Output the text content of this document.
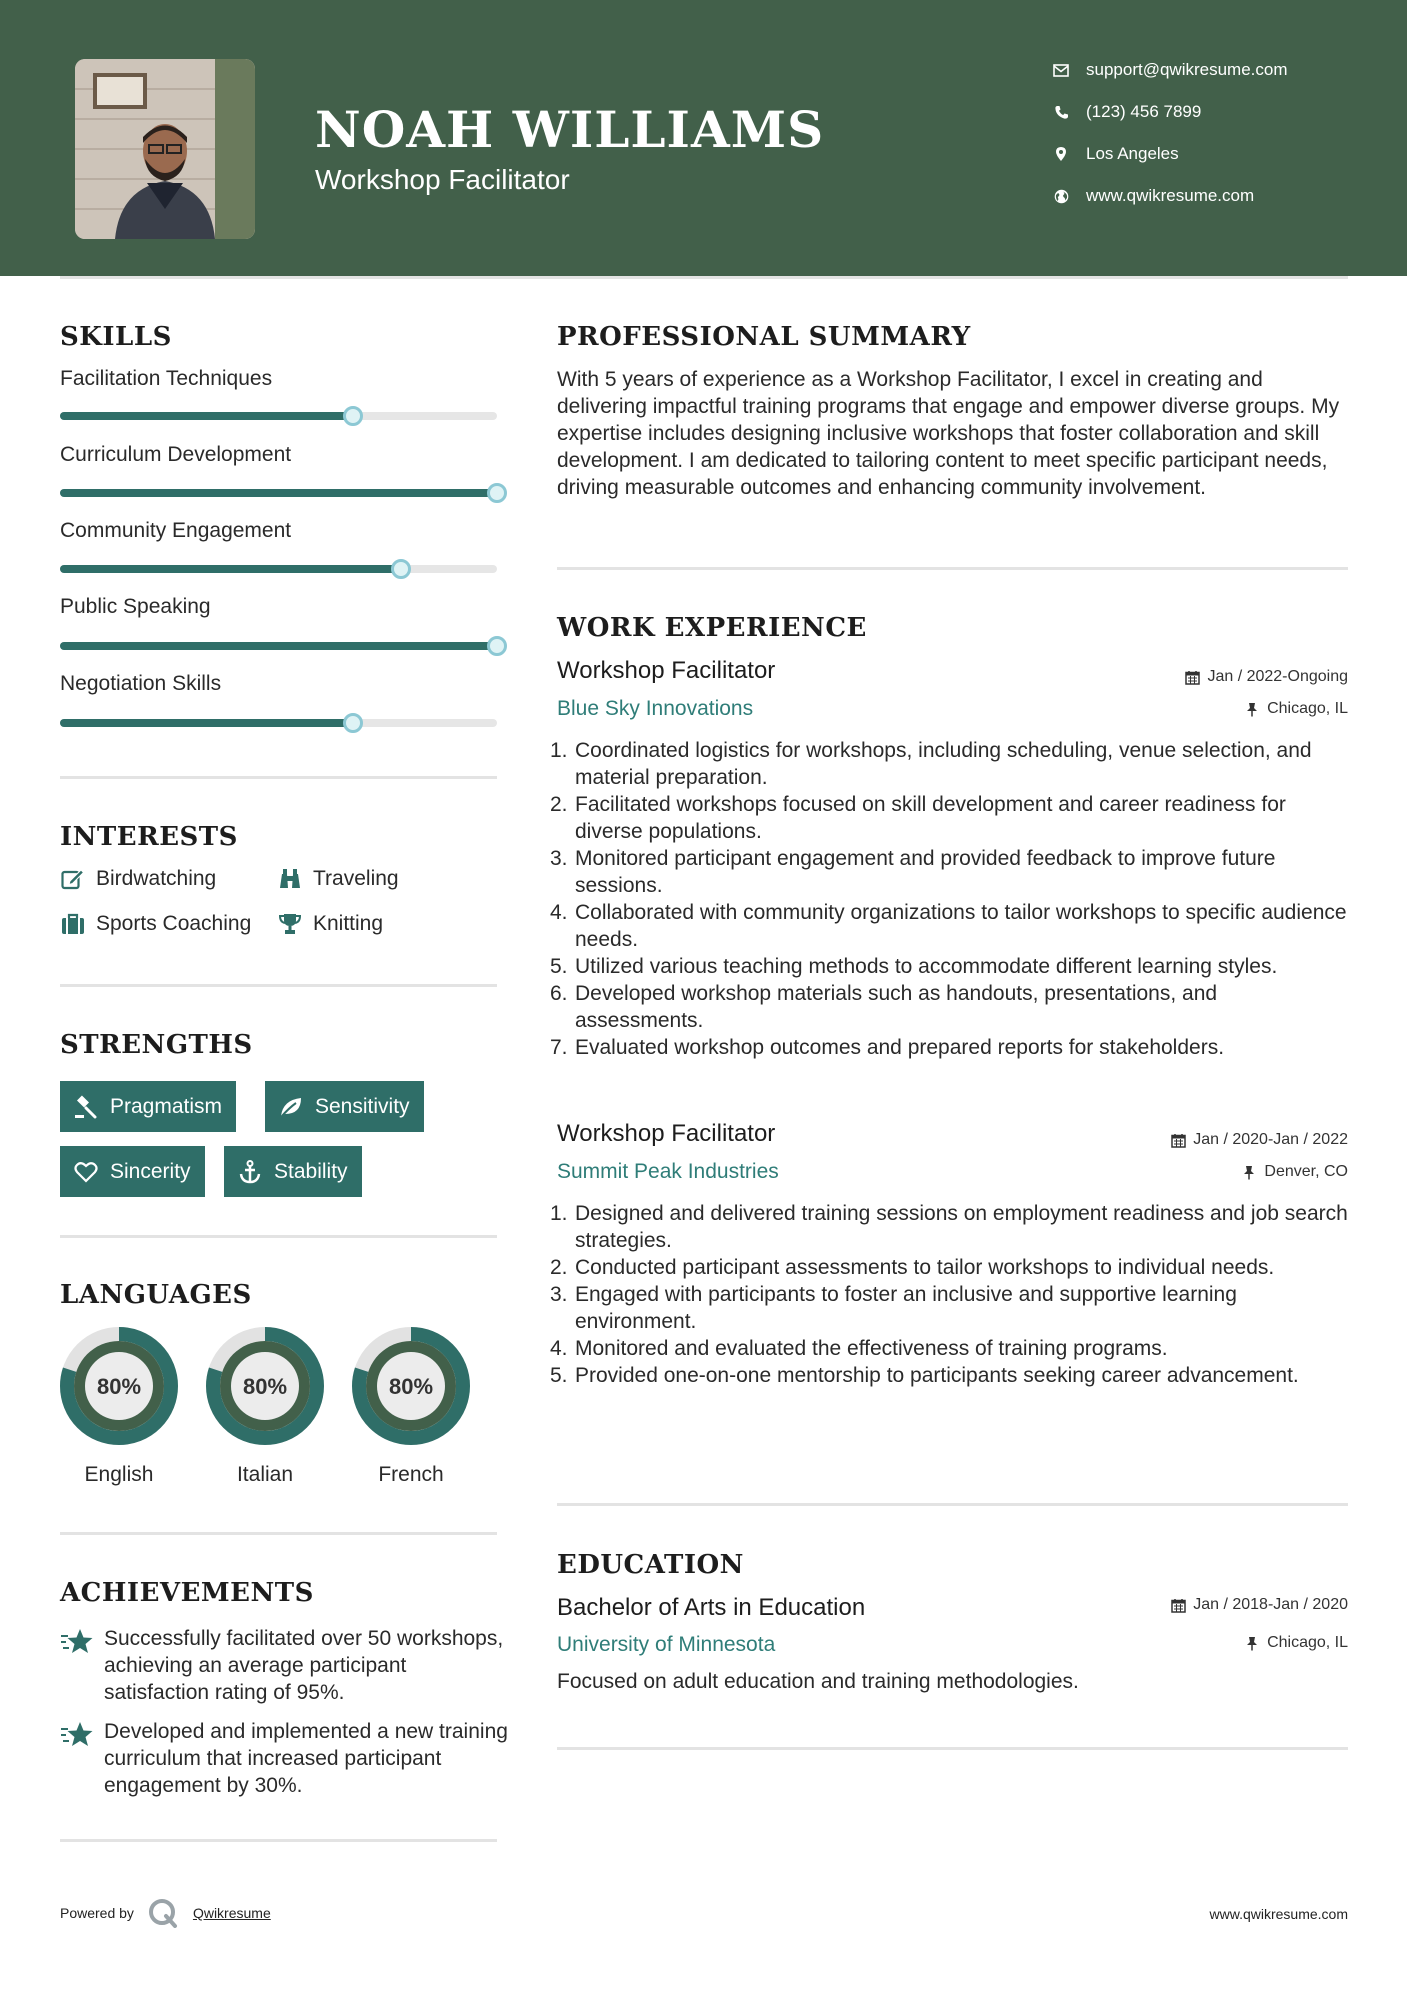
NOAH WILLIAMS
Workshop Facilitator
support@qwikresume.com
(123) 456 7899
Los Angeles
www.qwikresume.com
SKILLS
Facilitation Techniques
Curriculum Development
Community Engagement
Public Speaking
Negotiation Skills
INTERESTS
Birdwatching	Traveling
Sports Coaching	Knitting
STRENGTHS
Pragmatism	Sensitivity
Sincerity	Stability
LANGUAGES
80%
English
80%
Italian
80%
French
ACHIEVEMENTS
Successfully facilitated over 50 workshops, achieving an average participant satisfaction rating of 95%.
Developed and implemented a new training curriculum that increased participant engagement by 30%.
PROFESSIONAL SUMMARY
With 5 years of experience as a Workshop Facilitator, I excel in creating and delivering impactful training programs that engage and empower diverse groups. My expertise includes designing inclusive workshops that foster collaboration and skill development. I am dedicated to tailoring content to meet specific participant needs, driving measurable outcomes and enhancing community involvement.
WORK EXPERIENCE
Workshop Facilitator	Jan / 2022-Ongoing
Blue Sky Innovations	Chicago, IL
1. Coordinated logistics for workshops, including scheduling, venue selection, and material preparation.
2. Facilitated workshops focused on skill development and career readiness for diverse populations.
3. Monitored participant engagement and provided feedback to improve future sessions.
4. Collaborated with community organizations to tailor workshops to specific audience needs.
5. Utilized various teaching methods to accommodate different learning styles.
6. Developed workshop materials such as handouts, presentations, and assessments.
7. Evaluated workshop outcomes and prepared reports for stakeholders.
Workshop Facilitator	Jan / 2020-Jan / 2022
Summit Peak Industries	Denver, CO
1. Designed and delivered training sessions on employment readiness and job search strategies.
2. Conducted participant assessments to tailor workshops to individual needs.
3. Engaged with participants to foster an inclusive and supportive learning environment.
4. Monitored and evaluated the effectiveness of training programs.
5. Provided one-on-one mentorship to participants seeking career advancement.
EDUCATION
Bachelor of Arts in Education	Jan / 2018-Jan / 2020
University of Minnesota	Chicago, IL
Focused on adult education and training methodologies.
Powered by	Qwikresume	www.qwikresume.com
